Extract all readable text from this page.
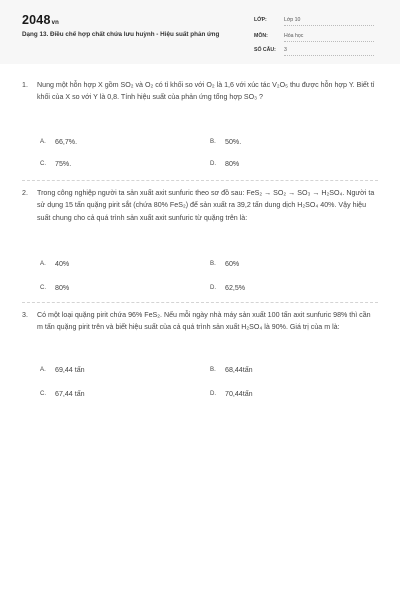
2048vn
Dạng 13. Điều chế hợp chất chứa lưu huỳnh - Hiệu suất phản ứng
LỚP:	Lớp 10
MÔN:	Hóa học
SỐ CÂU: 3
1.	Nung một hỗn hợp X gồm SO₂ và O₂ có tỉ khối so với O₂ là 1,6 với xúc tác V₂O₅ thu được hỗn hợp Y. Biết tỉ khối của X so với Y là 0,8. Tính hiệu suất của phản ứng tổng hợp SO₃ ?
A.	66,7%.	B.	50%.
C.	75%.	D.	80%
2.	Trong công nghiệp người ta sản xuất axit sunfuric theo sơ đồ sau: FeS₂ → SO₂ → SO₃ → H₂SO₄. Người ta sử dụng 15 tấn quặng pirit sắt (chứa 80% FeS₂) để sản xuất ra 39,2 tấn dung dịch H₂SO₄ 40%. Vậy hiệu suất chung cho cả quá trình sản xuất axit sunfuric từ quặng trên là:
A.	40%	B.	60%
C.	80%	D.	62,5%
3.	Có một loại quặng pirit chứa 96% FeS₂. Nếu mỗi ngày nhà máy sản xuất 100 tấn axit sunfuric 98% thì cần m tấn quặng pirit trên và biết hiệu suất của cả quá trình sản xuất H₂SO₄ là 90%. Giá trị của m là:
A.	69,44 tấn	B.	68,44tấn
C.	67,44 tấn	D.	70,44tấn
